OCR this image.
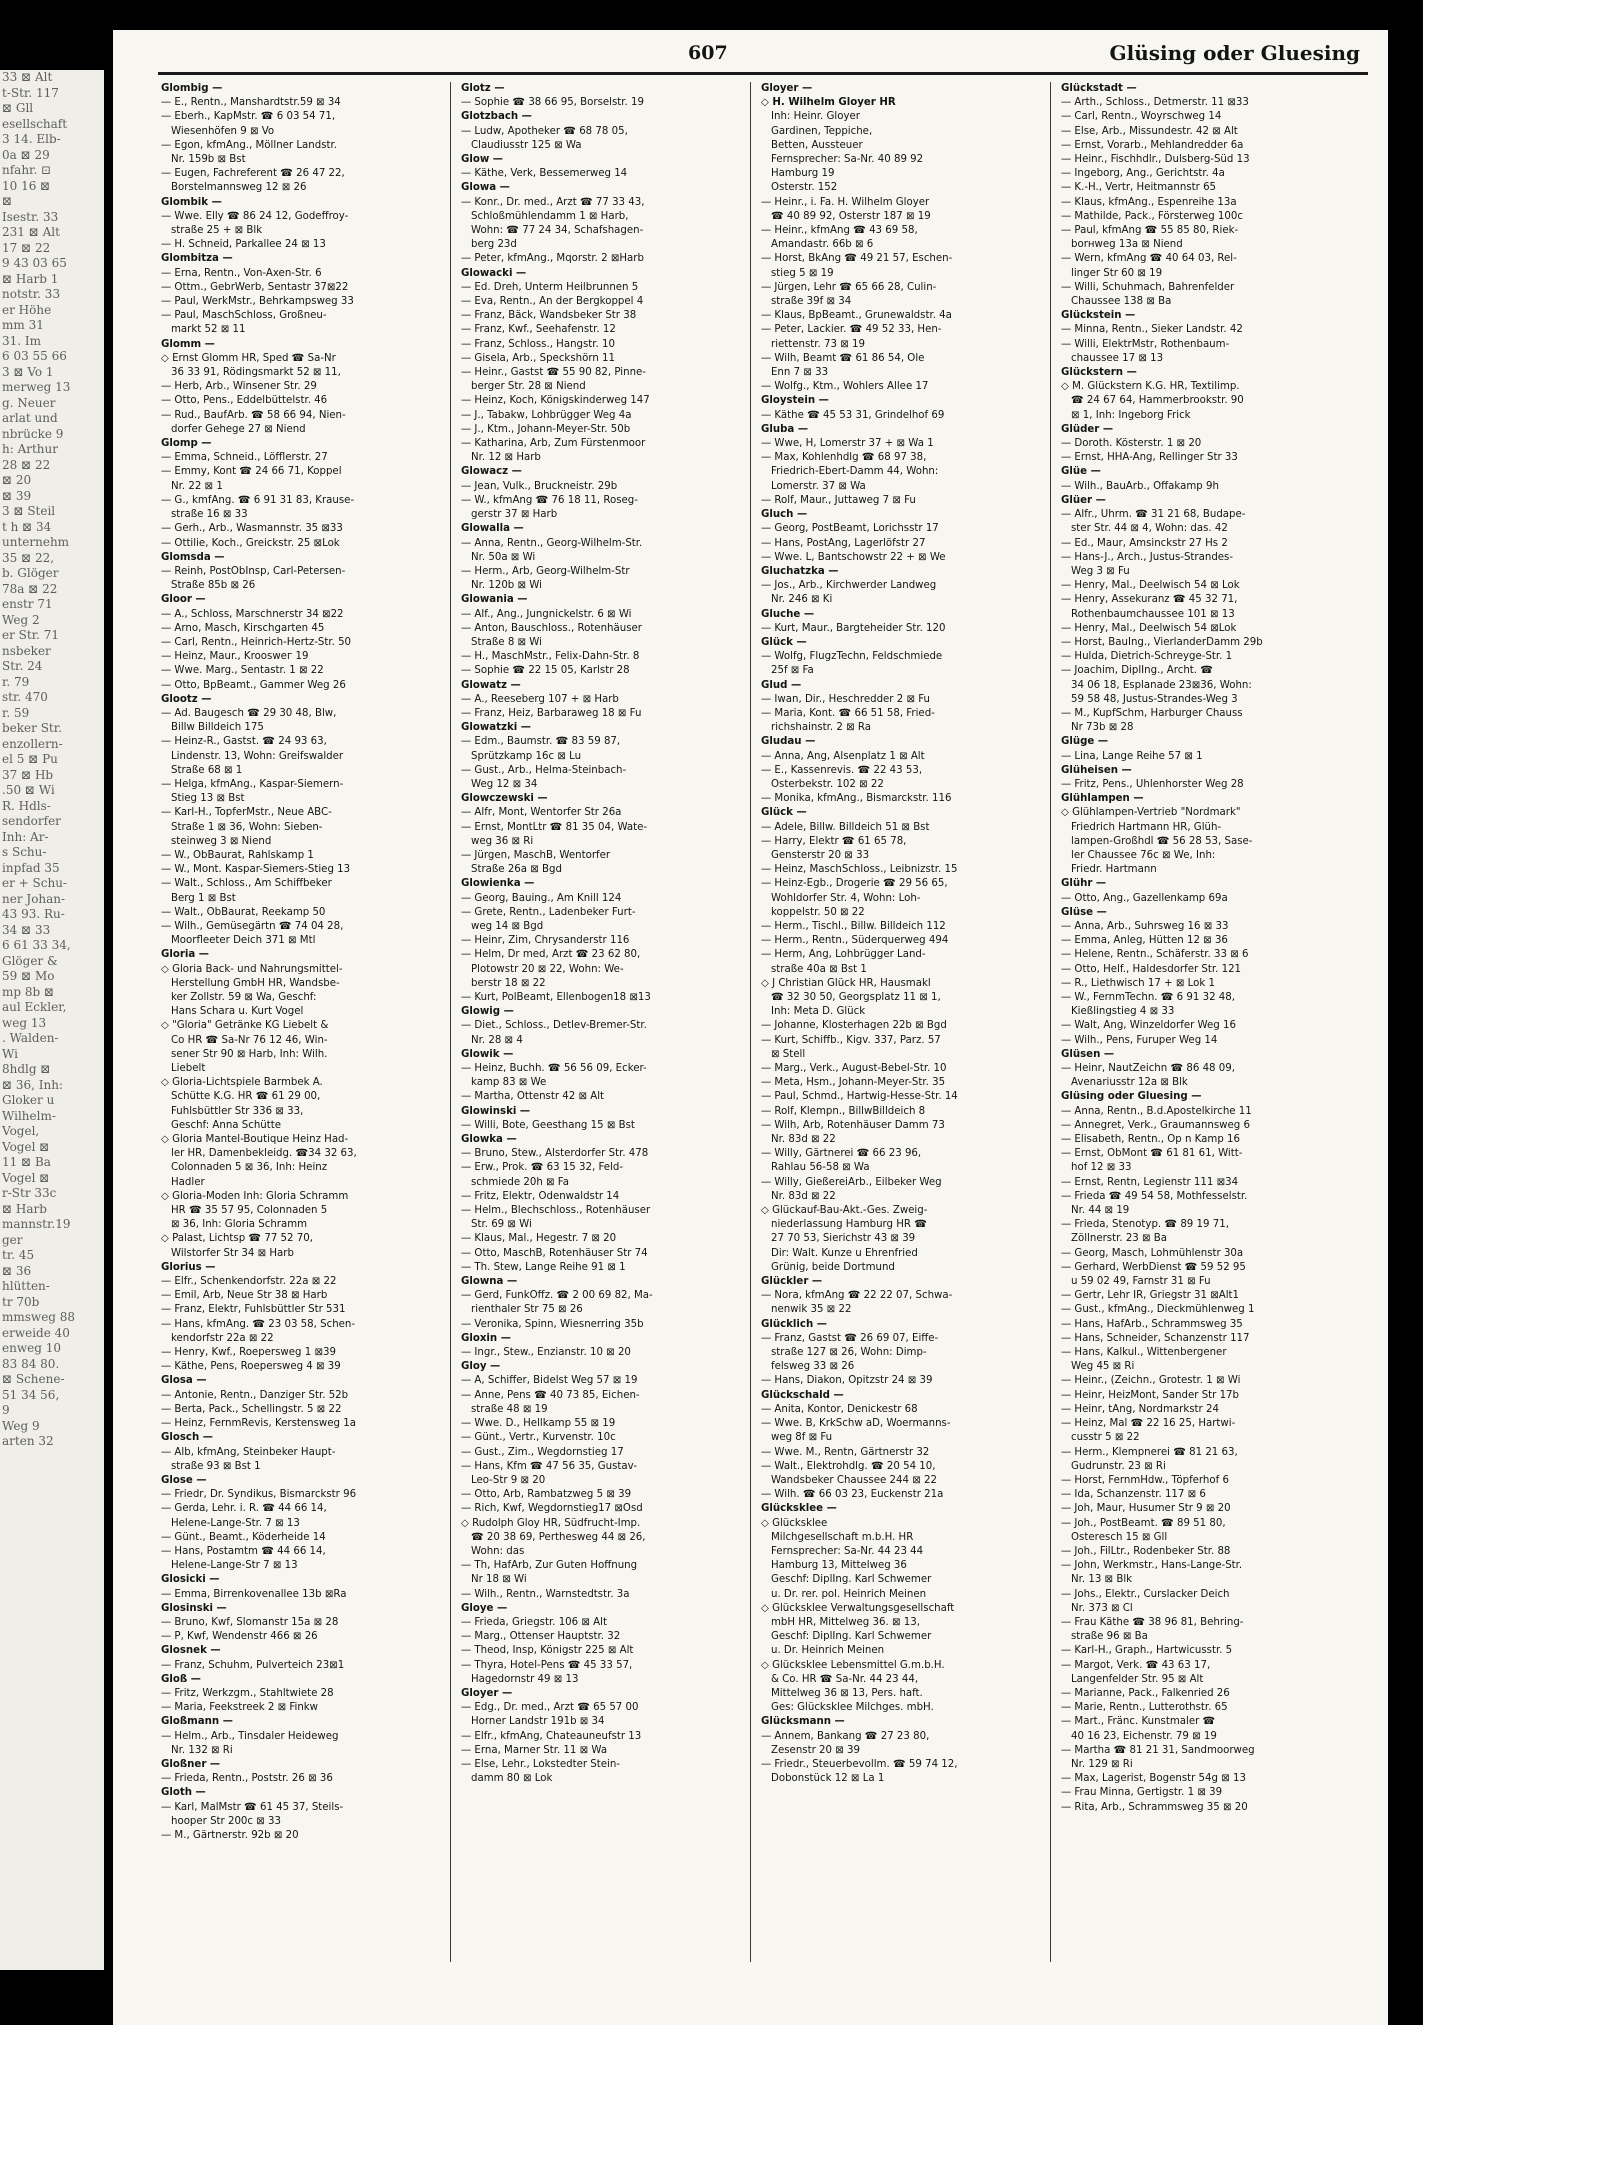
33 ⊠ Alt
t-Str. 117
⊠ Gll
esellschaft
3 14. Elb-
0a ⊠ 29
nfahr. ⊡
10 16 ⊠
⊠
Isestr. 33
231 ⊠ Alt
17 ⊠ 22
9 43 03 65
⊠ Harb 1
notstr. 33
er Höhe
mm 31
31. Im
6 03 55 66
3 ⊠ Vo 1
merweg 13
g. Neuer
arlat und
nbrücke 9
h: Arthur
28 ⊠ 22
⊠ 20
⊠ 39
3 ⊠ Steil
t h ⊠ 34
unternehm
35 ⊠ 22,
b. Glöger
78a ⊠ 22
enstr 71
Weg 2
er Str. 71
nsbeker
Str. 24
r. 79
str. 470
r. 59
beker Str.
enzollern-
el 5 ⊠ Pu
37 ⊠ Hb
.50 ⊠ Wi
R. Hdls-
sendorfer
Inh: Ar-
s Schu-
inpfad 35
er + Schu-
ner Johan-
43 93. Ru-
34 ⊠ 33
6 61 33 34,
Glöger &
59 ⊠ Mo
mp 8b ⊠
aul Eckler,
weg 13
. Walden-
Wi
8hdlg ⊠
⊠ 36, Inh:
Gloker u
Wilhelm-
Vogel,
Vogel ⊠
11 ⊠ Ba
Vogel ⊠
r-Str 33c
⊠ Harb
mannstr.19
ger
tr. 45
⊠ 36
hlütten-
tr 70b
mmsweg 88
erweide 40
enweg 10
83 84 80.
⊠ Schene-
51 34 56,
9
Weg 9
arten 32
607	Glüsing oder Gluesing
Glombig —
— E., Rentn., Manshardtstr.59 ⊠ 34
— Eberh., KapMstr. ☎ 6 03 54 71,
Wiesenhöfen 9 ⊠ Vo
— Egon, kfmAng., Möllner Landstr.
Nr. 159b ⊠ Bst
— Eugen, Fachreferent ☎ 26 47 22,
Borstelmannsweg 12 ⊠ 26
Glombik —
— Wwe. Elly ☎ 86 24 12, Godeffroy-
straße 25 + ⊠ Blk
— H. Schneid, Parkallee 24 ⊠ 13
Glombitza —
— Erna, Rentn., Von-Axen-Str. 6
— Ottm., GebrWerb, Sentastr 37⊠22
— Paul, WerkMstr., Behrkampsweg 33
— Paul, MaschSchloss, Großneu-
markt 52 ⊠ 11
Glomm —
◇ Ernst Glomm HR, Sped ☎ Sa-Nr
36 33 91, Rödingsmarkt 52 ⊠ 11,
— Herb, Arb., Winsener Str. 29
— Otto, Pens., Eddelbüttelstr. 46
— Rud., BaufArb. ☎ 58 66 94, Nien-
dorfer Gehege 27 ⊠ Niend
Glomp —
— Emma, Schneid., Löfflerstr. 27
— Emmy, Kont ☎ 24 66 71, Koppel
Nr. 22 ⊠ 1
— G., kmfAng. ☎ 6 91 31 83, Krause-
straße 16 ⊠ 33
— Gerh., Arb., Wasmannstr. 35 ⊠33
— Ottilie, Koch., Greickstr. 25 ⊠Lok
Glomsda —
— Reinh, PostObInsp, Carl-Petersen-
Straße 85b ⊠ 26
Gloor —
— A., Schloss, Marschnerstr 34 ⊠22
— Arno, Masch, Kirschgarten 45
— Carl, Rentn., Heinrich-Hertz-Str. 50
— Heinz, Maur., Krooswег 19
— Wwe. Marg., Sentastr. 1 ⊠ 22
— Otto, BpBeamt., Gammer Weg 26
Glootz —
— Ad. Baugesch ☎ 29 30 48, Blw,
Billw Billdeich 175
— Heinz-R., Gastst. ☎ 24 93 63,
Lindenstr. 13, Wohn: Greifswalder
Straße 68 ⊠ 1
— Helga, kfmAng., Kaspar-Siemern-
Stieg 13 ⊠ Bst
— Karl-H., TopferMstr., Neue ABC-
Straße 1 ⊠ 36, Wohn: Sieben-
steinweg 3 ⊠ Niend
— W., ObBaurat, Rahlskamp 1
— W., Mont. Kaspar-Siemers-Stieg 13
— Walt., Schloss., Am Schiffbeker
Berg 1 ⊠ Bst
— Walt., ObBaurat, Reekamp 50
— Wilh., Gemüsegärtn ☎ 74 04 28,
Moorfleeter Deich 371 ⊠ Mtl
Gloria —
◇ Gloria Back- und Nahrungsmittel-
Herstellung GmbH HR, Wandsbe-
ker Zollstr. 59 ⊠ Wa, Geschf:
Hans Schara u. Kurt Vogel
◇ "Gloria" Getränke KG Liebelt &
Co HR ☎ Sa-Nr 76 12 46, Win-
sener Str 90 ⊠ Harb, Inh: Wilh.
Liebelt
◇ Gloria-Lichtspiele Barmbek A.
Schütte K.G. HR ☎ 61 29 00,
Fuhlsbüttler Str 336 ⊠ 33,
Geschf: Anna Schütte
◇ Gloria Mantel-Boutique Heinz Had-
ler HR, Damenbekleidg. ☎34 32 63,
Colonnaden 5 ⊠ 36, Inh: Heinz
Hadler
◇ Gloria-Moden Inh: Gloria Schramm
HR ☎ 35 57 95, Colonnaden 5
⊠ 36, Inh: Gloria Schramm
◇ Palast, Lichtsp ☎ 77 52 70,
Wilstorfer Str 34 ⊠ Harb
Glorius —
— Elfr., Schenkendorfstr. 22a ⊠ 22
— Emil, Arb, Neue Str 38 ⊠ Harb
— Franz, Elektr, Fuhlsbüttler Str 531
— Hans, kfmAng. ☎ 23 03 58, Schen-
kendorfstr 22a ⊠ 22
— Henry, Kwf., Roepersweg 1 ⊠39
— Käthe, Pens, Roepersweg 4 ⊠ 39
Glosa —
— Antonie, Rentn., Danziger Str. 52b
— Berta, Pack., Schellingstr. 5 ⊠ 22
— Heinz, FernmRevis, Kerstensweg 1a
Glosch —
— Alb, kfmAng, Steinbeker Haupt-
straße 93 ⊠ Bst 1
Glose —
— Friedr, Dr. Syndikus, Bismarckstr 96
— Gerda, Lehr. i. R. ☎ 44 66 14,
Helene-Lange-Str. 7 ⊠ 13
— Günt., Beamt., Köderheide 14
— Hans, Postamtm ☎ 44 66 14,
Helene-Lange-Str 7 ⊠ 13
Glosicki —
— Emma, Birrenkovenallee 13b ⊠Ra
Glosinski —
— Bruno, Kwf, Slomanstr 15a ⊠ 28
— P, Kwf, Wendenstr 466 ⊠ 26
Glosnek —
— Franz, Schuhm, Pulverteich 23⊠1
Gloß —
— Fritz, Werkzgm., Stahltwiete 28
— Maria, Feekstreek 2 ⊠ Finkw
Gloßmann —
— Helm., Arb., Tinsdaler Heideweg
Nr. 132 ⊠ Ri
Gloßner —
— Frieda, Rentn., Poststr. 26 ⊠ 36
Gloth —
— Karl, MalMstr ☎ 61 45 37, Steils-
hooper Str 200c ⊠ 33
— M., Gärtnerstr. 92b ⊠ 20
Glotz —
— Sophie ☎ 38 66 95, Borselstr. 19
Glotzbach —
— Ludw, Apotheker ☎ 68 78 05,
Claudiusstr 125 ⊠ Wa
Glow —
— Käthe, Verk, Bessemerweg 14
Glowa —
— Konr., Dr. med., Arzt ☎ 77 33 43,
Schloßmühlendamm 1 ⊠ Harb,
Wohn: ☎ 77 24 34, Schafshagen-
berg 23d
— Peter, kfmAng., Mqorstr. 2 ⊠Harb
Glowacki —
— Ed. Dreh, Unterm Heilbrunnen 5
— Eva, Rentn., An der Bergkoppel 4
— Franz, Bäck, Wandsbeker Str 38
— Franz, Kwf., Seehafenstr. 12
— Franz, Schloss., Hangstr. 10
— Gisela, Arb., Speckshörn 11
— Heinr., Gastst ☎ 55 90 82, Pinne-
berger Str. 28 ⊠ Niend
— Heinz, Koch, Königskinderweg 147
— J., Tabakw, Lohbrügger Weg 4a
— J., Ktm., Johann-Meyer-Str. 50b
— Katharina, Arb, Zum Fürstenmoor
Nr. 12 ⊠ Harb
Glowacz —
— Jean, Vulk., Bruckneistr. 29b
— W., kfmAng ☎ 76 18 11, Roseg-
gerstr 37 ⊠ Harb
Glowalla —
— Anna, Rentn., Georg-Wilhelm-Str.
Nr. 50a ⊠ Wi
— Herm., Arb, Georg-Wilhelm-Str
Nr. 120b ⊠ Wi
Glowania —
— Alf., Ang., Jungnickelstr. 6 ⊠ Wi
— Anton, Bauschloss., Rotenhäuser
Straße 8 ⊠ Wi
— H., MaschMstr., Felix-Dahn-Str. 8
— Sophie ☎ 22 15 05, Karlstr 28
Glowatz —
— A., Reeseberg 107 + ⊠ Harb
— Franz, Heiz, Barbaraweg 18 ⊠ Fu
Glowatzki —
— Edm., Baumstr. ☎ 83 59 87,
Sprützkamp 16c ⊠ Lu
— Gust., Arb., Helma-Steinbach-
Weg 12 ⊠ 34
Glowczewski —
— Alfr, Mont, Wentorfer Str 26a
— Ernst, MontLtr ☎ 81 35 04, Wate-
weg 36 ⊠ Ri
— Jürgen, MaschB, Wentorfer
Straße 26a ⊠ Bgd
Glowienka —
— Georg, Bauing., Am Knill 124
— Grete, Rentn., Ladenbeker Furt-
weg 14 ⊠ Bgd
— Heinr, Zim, Chrysanderstr 116
— Helm, Dr med, Arzt ☎ 23 62 80,
Plotowstr 20 ⊠ 22, Wohn: We-
berstr 18 ⊠ 22
— Kurt, PolBeamt, Ellenbogen18 ⊠13
Glowig —
— Diet., Schloss., Detlev-Bremer-Str.
Nr. 28 ⊠ 4
Glowik —
— Heinz, Buchh. ☎ 56 56 09, Ecker-
kamp 83 ⊠ We
— Martha, Ottenstr 42 ⊠ Alt
Glowinski —
— Willi, Bote, Geesthang 15 ⊠ Bst
Glowka —
— Bruno, Stew., Alsterdorfer Str. 478
— Erw., Prok. ☎ 63 15 32, Feld-
schmiede 20h ⊠ Fa
— Fritz, Elektr, Odenwaldstr 14
— Helm., Blechschloss., Rotenhäuser
Str. 69 ⊠ Wi
— Klaus, Mal., Hegestr. 7 ⊠ 20
— Otto, MaschB, Rotenhäuser Str 74
— Th. Stew, Lange Reihe 91 ⊠ 1
Glowna —
— Gerd, FunkOffz. ☎ 2 00 69 82, Ma-
rienthaler Str 75 ⊠ 26
— Veronika, Spinn, Wiesnerring 35b
Gloxin —
— Ingr., Stew., Enzianstr. 10 ⊠ 20
Gloy —
— A, Schiffer, Bidelst Weg 57 ⊠ 19
— Anne, Pens ☎ 40 73 85, Eichen-
straße 48 ⊠ 19
— Wwe. D., Hellkamp 55 ⊠ 19
— Günt., Vertr., Kurvenstr. 10c
— Gust., Zim., Wegdornstieg 17
— Hans, Kfm ☎ 47 56 35, Gustav-
Leo-Str 9 ⊠ 20
— Otto, Arb, Rambatzweg 5 ⊠ 39
— Rich, Kwf, Wegdornstieg17 ⊠Osd
◇ Rudolph Gloy HR, Südfrucht-Imp.
☎ 20 38 69, Perthesweg 44 ⊠ 26,
Wohn: das
— Th, HafArb, Zur Guten Hoffnung
Nr 18 ⊠ Wi
— Wilh., Rentn., Warnstedtstr. 3a
Gloye —
— Frieda, Griegstr. 106 ⊠ Alt
— Marg., Ottenser Hauptstr. 32
— Theod, Insp, Königstr 225 ⊠ Alt
— Thyra, Hotel-Pens ☎ 45 33 57,
Hagedornstr 49 ⊠ 13
Gloyer —
— Edg., Dr. med., Arzt ☎ 65 57 00
Horner Landstr 191b ⊠ 34
— Elfr., kfmAng, Chateauneufstr 13
— Erna, Marner Str. 11 ⊠ Wa
— Else, Lehr., Lokstedter Stein-
damm 80 ⊠ Lok
Gloyer —
◇ H. Wilhelm Gloyer HR
Inh: Heinr. Gloyer
Gardinen, Teppiche,
Betten, Aussteuer
Fernsprecher: Sa-Nr. 40 89 92
Hamburg 19
Osterstr. 152
— Heinr., i. Fa. H. Wilhelm Gloyer
☎ 40 89 92, Osterstr 187 ⊠ 19
— Heinr., kfmAng ☎ 43 69 58,
Amandastr. 66b ⊠ 6
— Horst, BkAng ☎ 49 21 57, Eschen-
stieg 5 ⊠ 19
— Jürgen, Lehr ☎ 65 66 28, Culin-
straße 39f ⊠ 34
— Klaus, BpBeamt., Grunewaldstr. 4a
— Peter, Lackier. ☎ 49 52 33, Hen-
riettenstr. 73 ⊠ 19
— Wilh, Beamt ☎ 61 86 54, Ole
Enn 7 ⊠ 33
— Wolfg., Ktm., Wohlers Allee 17
Gloystein —
— Käthe ☎ 45 53 31, Grindelhof 69
Gluba —
— Wwe, H, Lomerstr 37 + ⊠ Wa 1
— Max, Kohlenhdlg ☎ 68 97 38,
Friedrich-Ebert-Damm 44, Wohn:
Lomerstr. 37 ⊠ Wa
— Rolf, Maur., Juttaweg 7 ⊠ Fu
Gluch —
— Georg, PostBeamt, Lorichsstr 17
— Hans, PostAng, Lagerlöfstr 27
— Wwe. L, Bantschowstr 22 + ⊠ We
Gluchatzka —
— Jos., Arb., Kirchwerder Landweg
Nr. 246 ⊠ Ki
Gluche —
— Kurt, Maur., Bargteheider Str. 120
Glück —
— Wolfg, FlugzTechn, Feldschmiede
25f ⊠ Fa
Glud —
— Iwan, Dir., Heschredder 2 ⊠ Fu
— Maria, Kont. ☎ 66 51 58, Fried-
richshainstr. 2 ⊠ Ra
Gludau —
— Anna, Ang, Alsenplatz 1 ⊠ Alt
— E., Kassenrevis. ☎ 22 43 53,
Osterbekstr. 102 ⊠ 22
— Monika, kfmAng., Bismarckstr. 116
Glück —
— Adele, Billw. Billdeich 51 ⊠ Bst
— Harry, Elektr ☎ 61 65 78,
Gensterstr 20 ⊠ 33
— Heinz, MaschSchloss., Leibnizstr. 15
— Heinz-Egb., Drogerie ☎ 29 56 65,
Wohldorfer Str. 4, Wohn: Loh-
koppelstr. 50 ⊠ 22
— Herm., Tischl., Billw. Billdeich 112
— Herm., Rentn., Süderquerweg 494
— Herm, Ang, Lohbrügger Land-
straße 40a ⊠ Bst 1
◇ J Christian Glück HR, Hausmakl
☎ 32 30 50, Georgsplatz 11 ⊠ 1,
Inh: Meta D. Glück
— Johanne, Klosterhagen 22b ⊠ Bgd
— Kurt, Schiffb., Kigv. 337, Parz. 57
⊠ Stell
— Marg., Verk., August-Bebel-Str. 10
— Meta, Hsm., Johann-Meyer-Str. 35
— Paul, Schmd., Hartwig-Hesse-Str. 14
— Rolf, Klempn., BillwBilldeich 8
— Wilh, Arb, Rotenhäuser Damm 73
Nr. 83d ⊠ 22
— Willy, Gärtnerei ☎ 66 23 96,
Rahlau 56-58 ⊠ Wa
— Willy, GießereiArb., Eilbeker Weg
Nr. 83d ⊠ 22
◇ Glückauf-Bau-Akt.-Ges. Zweig-
niederlassung Hamburg HR ☎
27 70 53, Sierichstr 43 ⊠ 39
Dir: Walt. Kunze u Ehrenfried
Grünig, beide Dortmund
Glückler —
— Nora, kfmAng ☎ 22 22 07, Schwa-
nenwik 35 ⊠ 22
Glücklich —
— Franz, Gastst ☎ 26 69 07, Eiffe-
straße 127 ⊠ 26, Wohn: Dimp-
felsweg 33 ⊠ 26
— Hans, Diakon, Opitzstr 24 ⊠ 39
Glückschald —
— Anita, Kontor, Denickestr 68
— Wwe. B, KrkSchw aD, Woermanns-
weg 8f ⊠ Fu
— Wwe. M., Rentn, Gärtnerstr 32
— Walt., Elektrohdlg. ☎ 20 54 10,
Wandsbeker Chaussee 244 ⊠ 22
— Wilh. ☎ 66 03 23, Euckenstr 21a
Glücksklee —
◇ Glücksklee
Milchgesellschaft m.b.H. HR
Fernsprecher: Sa-Nr. 44 23 44
Hamburg 13, Mittelweg 36
Geschf: DiplIng. Karl Schwemer
u. Dr. rer. pol. Heinrich Meinen
◇ Glücksklee Verwaltungsgesellschaft
mbH HR, Mittelweg 36. ⊠ 13,
Geschf: DiplIng. Karl Schwemer
u. Dr. Heinrich Meinen
◇ Glücksklee Lebensmittel G.m.b.H.
& Co. HR ☎ Sa-Nr. 44 23 44,
Mittelweg 36 ⊠ 13, Pers. haft.
Ges: Glücksklee Milchges. mbH.
Glücksmann —
— Annem, Bankang ☎ 27 23 80,
Zesenstr 20 ⊠ 39
— Friedr., Steuerbevollm. ☎ 59 74 12,
Dobonstück 12 ⊠ La 1
Glückstadt —
— Arth., Schloss., Detmerstr. 11 ⊠33
— Carl, Rentn., Woyrschweg 14
— Else, Arb., Missundestr. 42 ⊠ Alt
— Ernst, Vorarb., Mehlandredder 6a
— Heinr., Fischhdlr., Dulsberg-Süd 13
— Ingeborg, Ang., Gerichtstr. 4a
— K.-H., Vertr, Heitmannstr 65
— Klaus, kfmAng., Espenreihe 13a
— Mathilde, Pack., Försterweg 100c
— Paul, kfmAng ☎ 55 85 80, Riek-
borнweg 13a ⊠ Niend
— Wern, kfmAng ☎ 40 64 03, Rel-
linger Str 60 ⊠ 19
— Willi, Schuhmach, Bahrenfelder
Chaussee 138 ⊠ Ba
Glückstein —
— Minna, Rentn., Sieker Landstr. 42
— Willi, ElektrMstr, Rothenbaum-
chaussee 17 ⊠ 13
Glückstern —
◇ M. Glückstern K.G. HR, Textilimp.
☎ 24 67 64, Hammerbrookstr. 90
⊠ 1, Inh: Ingeborg Frick
Glüder —
— Doroth. Kösterstr. 1 ⊠ 20
— Ernst, HHA-Ang, Rellinger Str 33
Glüe —
— Wilh., BauArb., Offakamp 9h
Glüer —
— Alfr., Uhrm. ☎ 31 21 68, Budape-
ster Str. 44 ⊠ 4, Wohn: das. 42
— Ed., Maur, Amsinckstr 27 Hs 2
— Hans-J., Arch., Justus-Strandes-
Weg 3 ⊠ Fu
— Henry, Mal., Deelwisch 54 ⊠ Lok
— Henry, Assekuranz ☎ 45 32 71,
Rothenbaumchaussee 101 ⊠ 13
— Henry, Mal., Deelwisch 54 ⊠Lok
— Horst, BauIng., VierlanderDamm 29b
— Hulda, Dietrich-Schreyge-Str. 1
— Joachim, DiplIng., Archt. ☎
34 06 18, Esplanade 23⊠36, Wohn:
59 58 48, Justus-Strandes-Weg 3
— M., KupfSchm, Harburger Chauss
Nr 73b ⊠ 28
Glüge —
— Lina, Lange Reihe 57 ⊠ 1
Glüheisen —
— Fritz, Pens., Uhlenhorster Weg 28
Glühlampen —
◇ Glühlampen-Vertrieb "Nordmark"
Friedrich Hartmann HR, Glüh-
lampen-Großhdl ☎ 56 28 53, Sase-
ler Chaussee 76c ⊠ We, Inh:
Friedr. Hartmann
Glühr —
— Otto, Ang., Gazellenkamp 69a
Glüse —
— Anna, Arb., Suhrsweg 16 ⊠ 33
— Emma, Anleg, Hütten 12 ⊠ 36
— Helene, Rentn., Schäferstr. 33 ⊠ 6
— Otto, Helf., Haldesdorfer Str. 121
— R., Liethwisch 17 + ⊠ Lok 1
— W., FernmTechn. ☎ 6 91 32 48,
Kießlingstieg 4 ⊠ 33
— Walt, Ang, Winzeldorfer Weg 16
— Wilh., Pens, Furuper Weg 14
Glüsen —
— Heinr, NautZeichn ☎ 86 48 09,
Avenariusstr 12a ⊠ Blk
Glüsing oder Gluesing —
— Anna, Rentn., B.d.Apostelkirche 11
— Annegret, Verk., Graumannsweg 6
— Elisabeth, Rentn., Op n Kamp 16
— Ernst, ObMont ☎ 61 81 61, Witt-
hof 12 ⊠ 33
— Ernst, Rentn, Legienstr 111 ⊠34
— Frieda ☎ 49 54 58, Mothfesselstr.
Nr. 44 ⊠ 19
— Frieda, Stenotyp. ☎ 89 19 71,
Zöllnerstr. 23 ⊠ Ba
— Georg, Masch, Lohmühlenstr 30a
— Gerhard, WerbDienst ☎ 59 52 95
u 59 02 49, Farnstr 31 ⊠ Fu
— Gertr, Lehr IR, Griegstr 31 ⊠Alt1
— Gust., kfmAng., Dieckmühlenweg 1
— Hans, HafArb., Schrammsweg 35
— Hans, Schneider, Schanzenstr 117
— Hans, Kalkul., Wittenbergener
Weg 45 ⊠ Ri
— Heinr., (Zeichn., Grotestr. 1 ⊠ Wi
— Heinr, HeizMont, Sander Str 17b
— Heinr, tAng, Nordmarkstr 24
— Heinz, Mal ☎ 22 16 25, Hartwi-
cusstr 5 ⊠ 22
— Herm., Klempnerei ☎ 81 21 63,
Gudrunstr. 23 ⊠ Ri
— Horst, FernmHdw., Töpferhof 6
— Ida, Schanzenstr. 117 ⊠ 6
— Joh, Maur, Husumer Str 9 ⊠ 20
— Joh., PostBeamt. ☎ 89 51 80,
Osterеsch 15 ⊠ Gll
— Joh., FilLtr., Rodenbeker Str. 88
— John, Werkmstr., Hans-Lange-Str.
Nr. 13 ⊠ Blk
— Johs., Elektr., Curslacker Deich
Nr. 373 ⊠ Cl
— Frau Käthe ☎ 38 96 81, Behring-
straße 96 ⊠ Ba
— Karl-H., Graph., Hartwicusstr. 5
— Margot, Verk. ☎ 43 63 17,
Langenfelder Str. 95 ⊠ Alt
— Marianne, Pack., Falkenried 26
— Marie, Rentn., Lutterothstr. 65
— Mart., Fränc. Kunstmaler ☎
40 16 23, Eichenstr. 79 ⊠ 19
— Martha ☎ 81 21 31, Sandmoorweg
Nr. 129 ⊠ Ri
— Max, Lagerist, Bogenstr 54g ⊠ 13
— Frau Minna, Gertigstr. 1 ⊠ 39
— Rita, Arb., Schrammsweg 35 ⊠ 20
